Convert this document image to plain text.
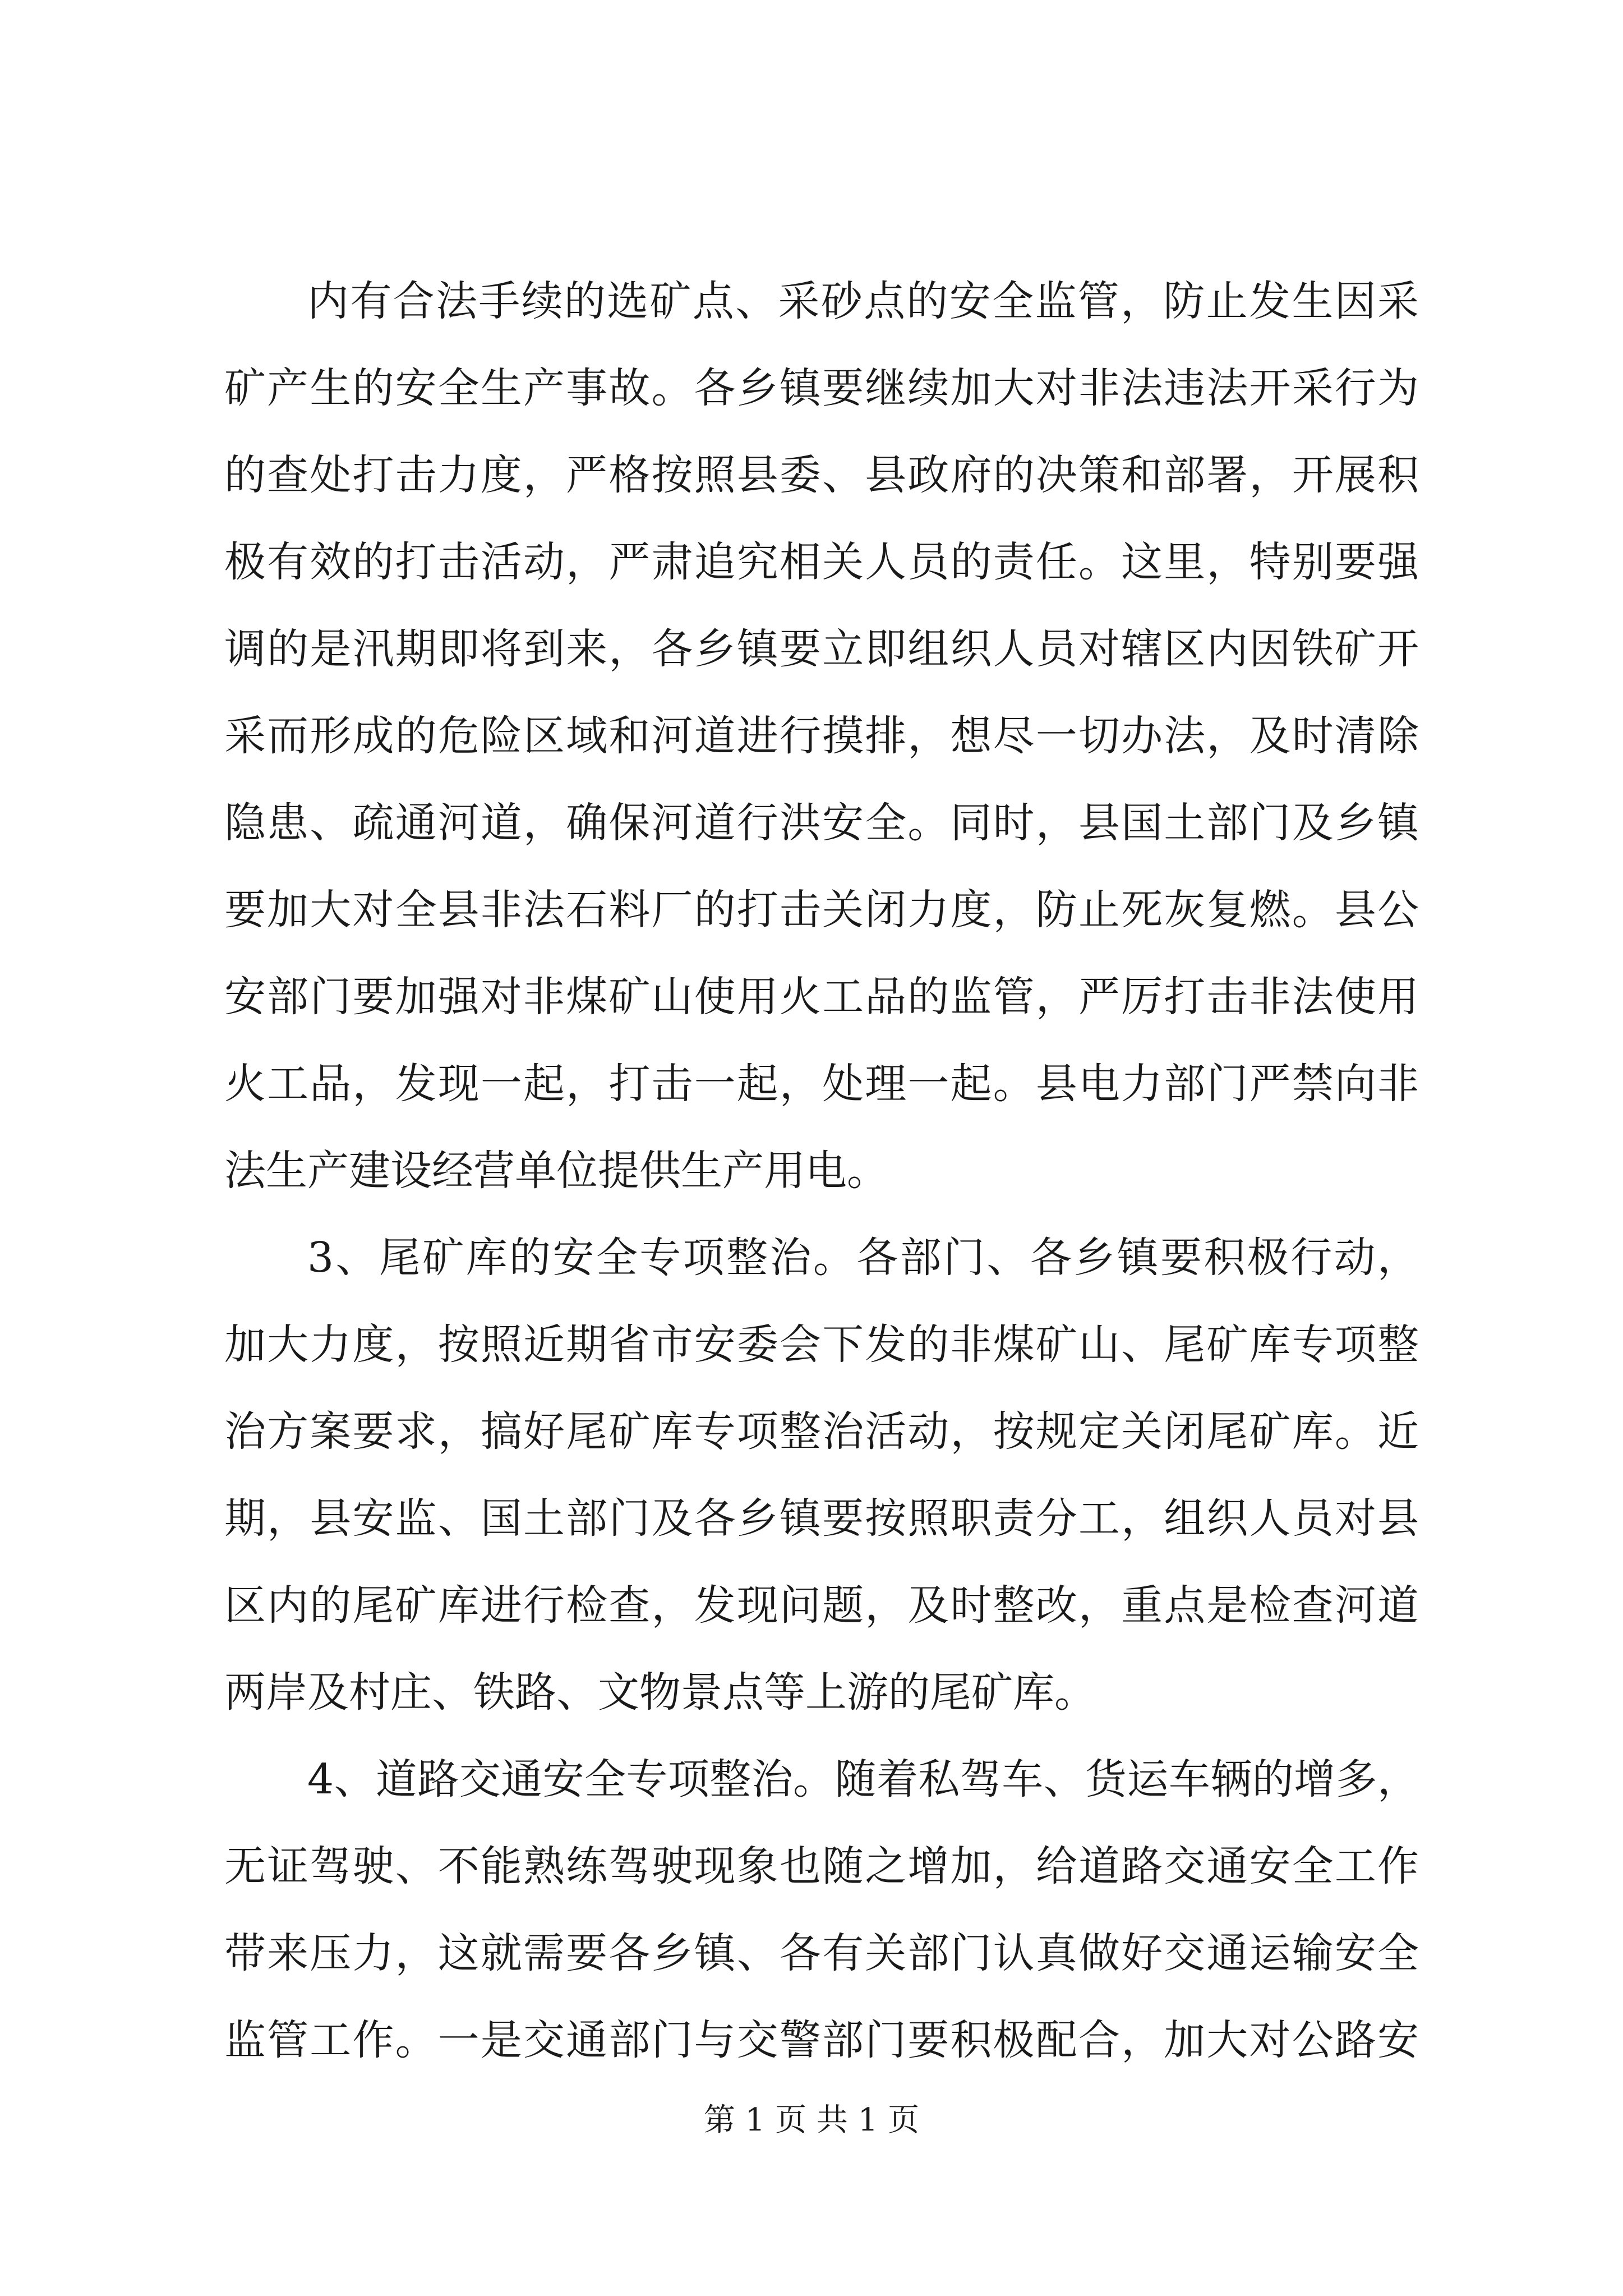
内有合法手续的选矿点、采砂点的安全监管，防止发生因采
矿产生的安全生产事故。各乡镇要继续加大对非法违法开采行为
的查处打击力度，严格按照县委、县政府的决策和部署，开展积
极有效的打击活动，严肃追究相关人员的责任。这里，特别要强
调的是汛期即将到来，各乡镇要立即组织人员对辖区内因铁矿开
采而形成的危险区域和河道进行摸排，想尽一切办法，及时清除
隐患、疏通河道，确保河道行洪安全。同时，县国土部门及乡镇
要加大对全县非法石料厂的打击关闭力度，防止死灰复燃。县公
安部门要加强对非煤矿山使用火工品的监管，严厉打击非法使用
火工品，发现一起，打击一起，处理一起。县电力部门严禁向非
法生产建设经营单位提供生产用电。
3、尾矿库的安全专项整治。各部门、各乡镇要积极行动，
加大力度，按照近期省市安委会下发的非煤矿山、尾矿库专项整
治方案要求，搞好尾矿库专项整治活动，按规定关闭尾矿库。近
期，县安监、国土部门及各乡镇要按照职责分工，组织人员对县
区内的尾矿库进行检查，发现问题，及时整改，重点是检查河道
两岸及村庄、铁路、文物景点等上游的尾矿库。
4、道路交通安全专项整治。随着私驾车、货运车辆的增多，
无证驾驶、不能熟练驾驶现象也随之增加，给道路交通安全工作
带来压力，这就需要各乡镇、各有关部门认真做好交通运输安全
监管工作。一是交通部门与交警部门要积极配合，加大对公路安
第 1 页 共 1 页
